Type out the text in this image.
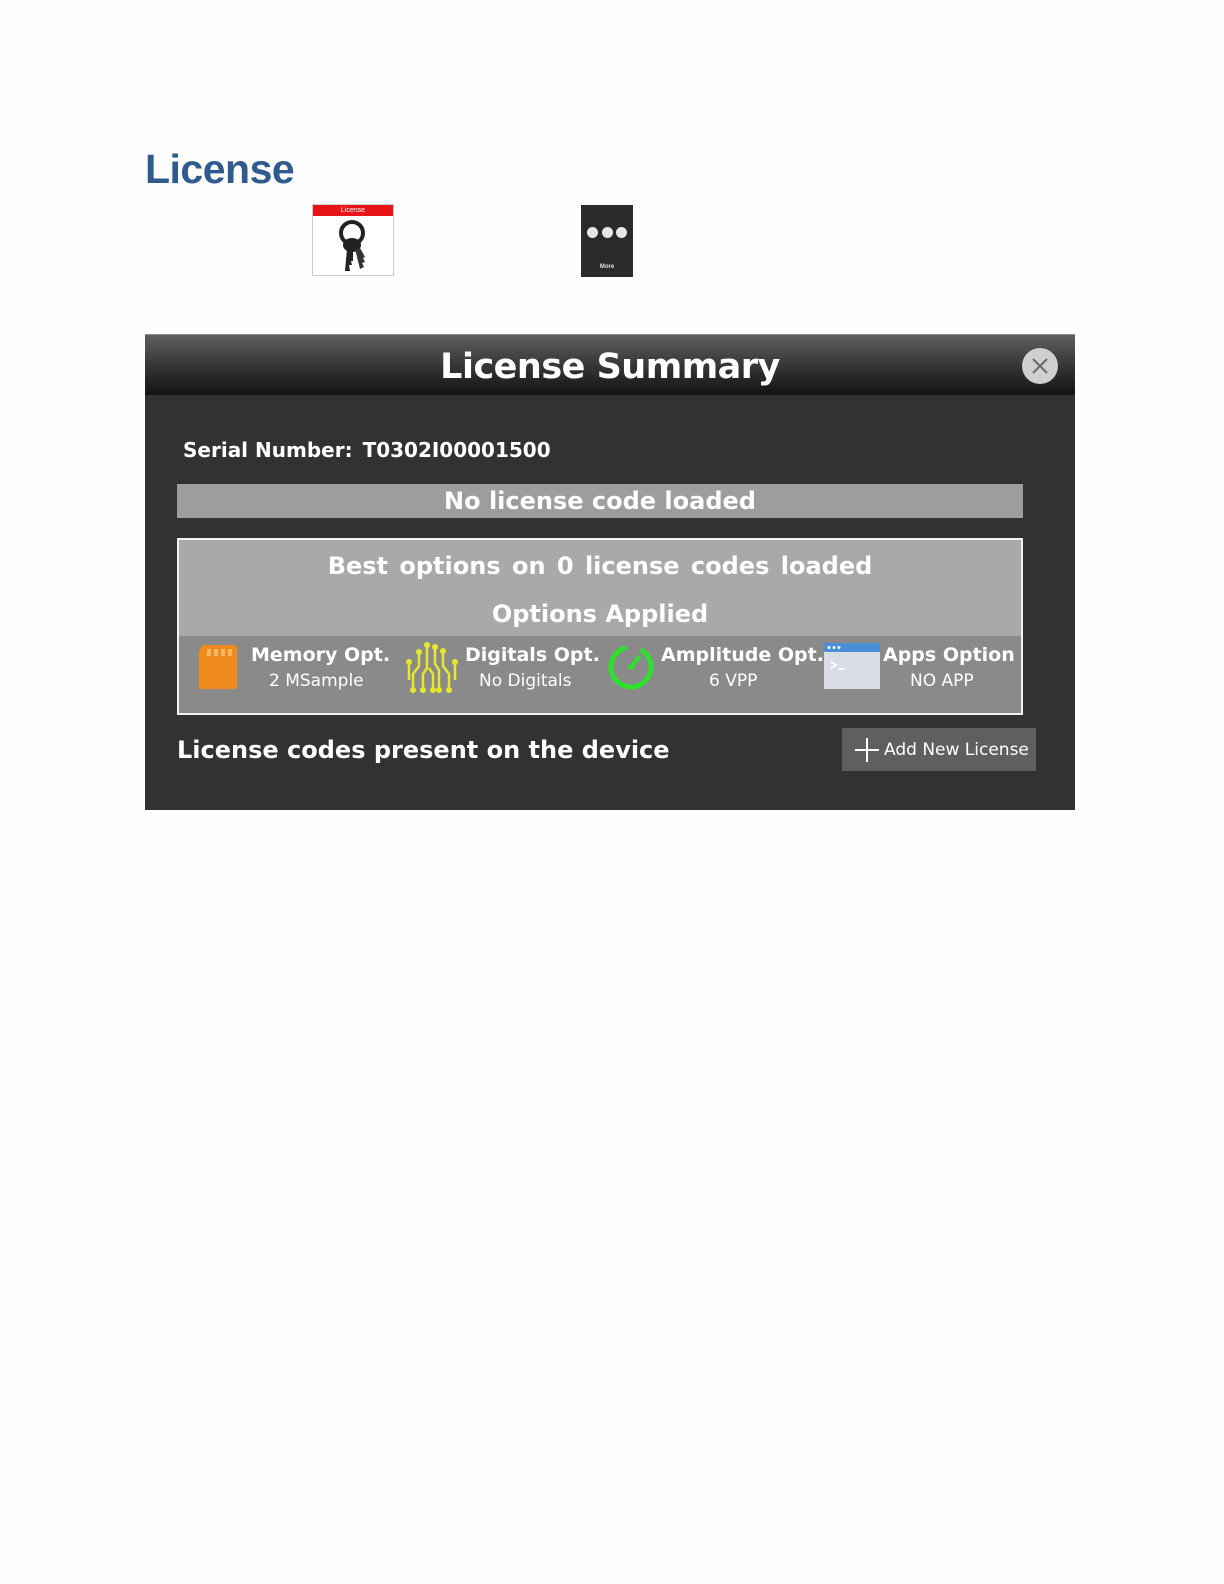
License
License
More
License Summary
Serial Number: T0302I00001500
No license code loaded
Best options on 0 license codes loaded
Options Applied
Memory Opt.
2 MSample
Digitals Opt.
No Digitals
Amplitude Opt.
6 VPP
Apps Option
NO APP
License codes present on the device	Add New License
